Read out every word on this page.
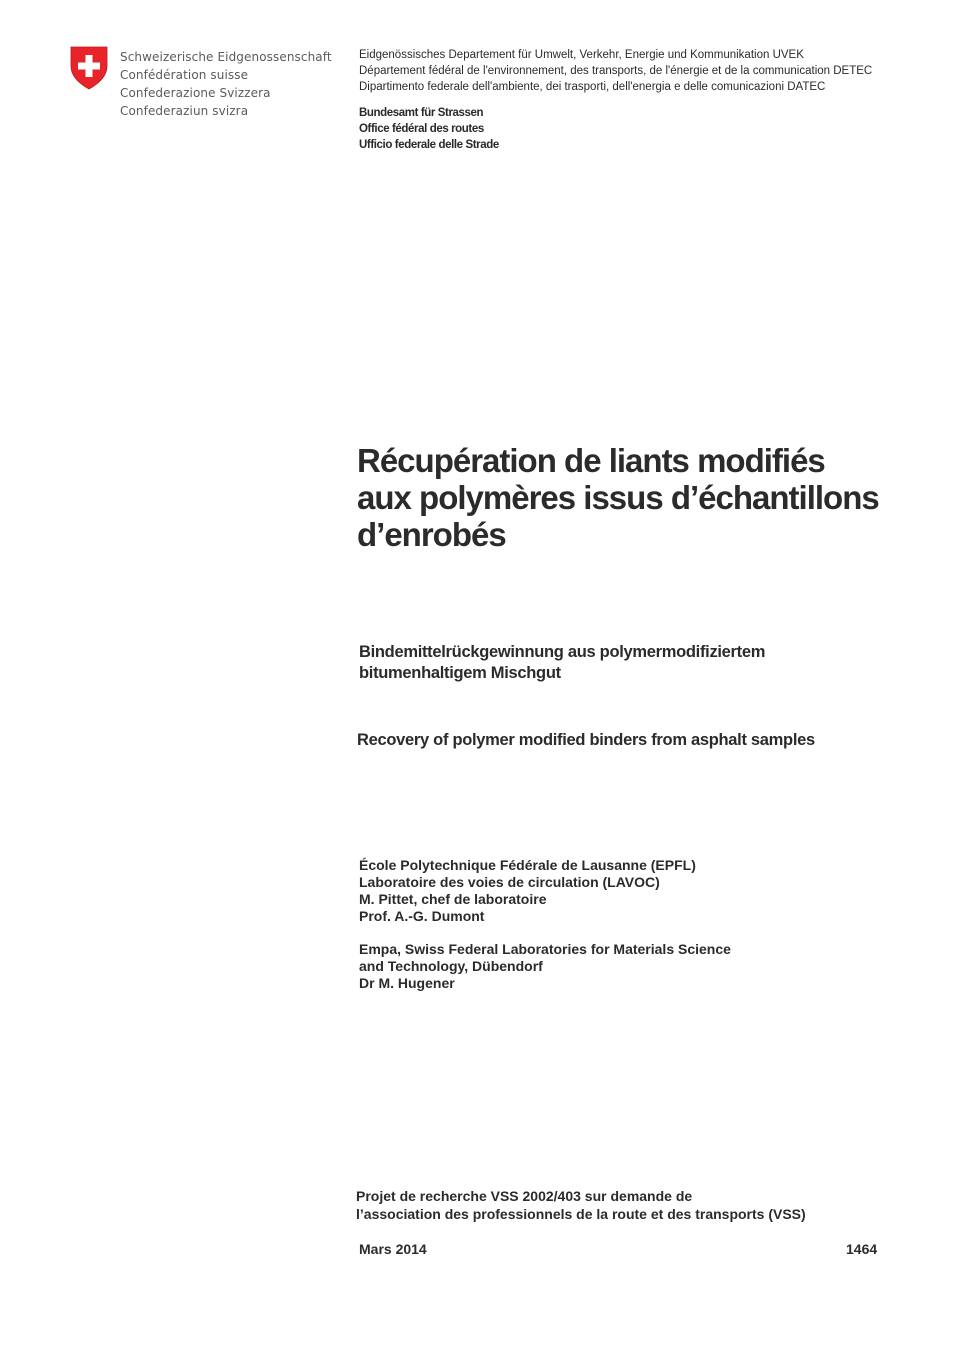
Schweizerische Eidgenossenschaft
Confédération suisse
Confederazione Svizzera
Confederaziun svizra
Eidgenössisches Departement für Umwelt, Verkehr, Energie und Kommunikation UVEK
Département fédéral de l'environnement, des transports, de l'énergie et de la communication DETEC
Dipartimento federale dell'ambiente, dei trasporti, dell'energia e delle comunicazioni DATEC
Bundesamt für Strassen
Office fédéral des routes
Ufficio federale delle Strade
Récupération de liants modifiés
aux polymères issus d’échantillons
d’enrobés
Bindemittelrückgewinnung aus polymermodifiziertem
bitumenhaltigem Mischgut
Recovery of polymer modified binders from asphalt samples
École Polytechnique Fédérale de Lausanne (EPFL)
Laboratoire des voies de circulation (LAVOC)
M. Pittet, chef de laboratoire
Prof. A.-G. Dumont
Empa, Swiss Federal Laboratories for Materials Science
and Technology, Dübendorf
Dr M. Hugener
Projet de recherche VSS 2002/403 sur demande de
l’association des professionnels de la route et des transports (VSS)
Mars 2014	1464
